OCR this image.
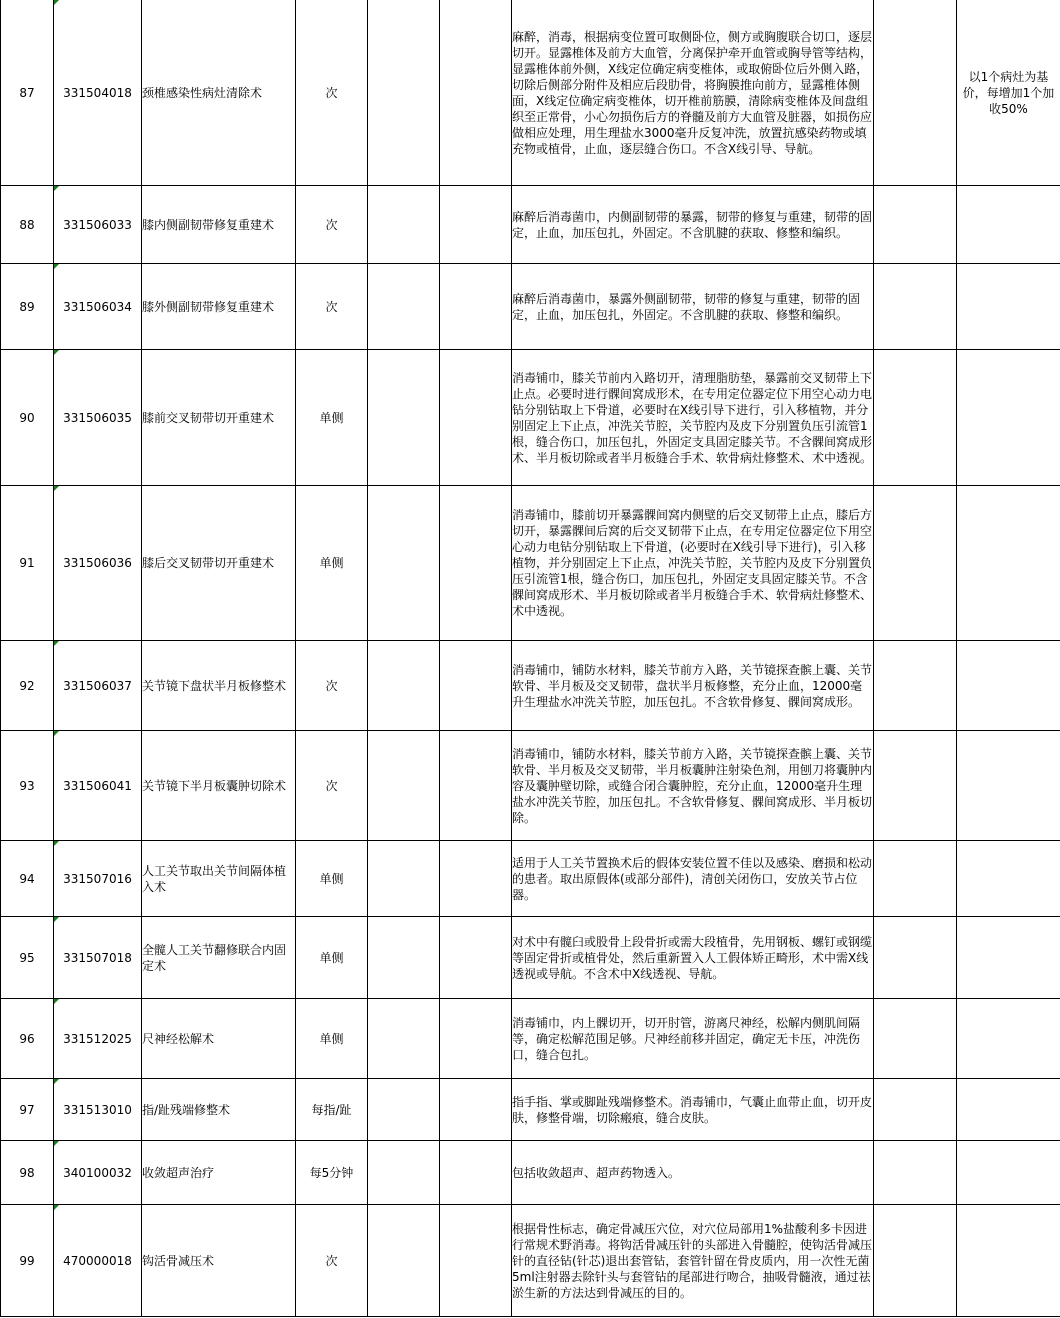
87	331504018	颈椎感染性病灶清除术	次			麻醉，消毒，根据病变位置可取侧卧位，侧方或胸腹联合切口，逐层切开。显露椎体及前方大血管，分离保护牵开血管或胸导管等结构，显露椎体前外侧，X线定位确定病变椎体，或取俯卧位后外侧入路，切除后侧部分附件及相应后段肋骨，将胸膜推向前方，显露椎体侧面，X线定位确定病变椎体，切开椎前筋膜，清除病变椎体及间盘组织至正常骨，小心勿损伤后方的脊髓及前方大血管及脏器，如损伤应做相应处理，用生理盐水3000毫升反复冲洗，放置抗感染药物或填充物或植骨，止血，逐层缝合伤口。不含X线引导、导航。		以1个病灶为基价，每增加1个加收50%
88	331506033	膝内侧副韧带修复重建术	次			麻醉后消毒菌巾，内侧副韧带的暴露，韧带的修复与重建，韧带的固定，止血，加压包扎，外固定。不含肌腱的获取、修整和编织。		
89	331506034	膝外侧副韧带修复重建术	次			麻醉后消毒菌巾，暴露外侧副韧带，韧带的修复与重建，韧带的固定，止血，加压包扎，外固定。不含肌腱的获取、修整和编织。		
90	331506035	膝前交叉韧带切开重建术	单侧			消毒铺巾，膝关节前内入路切开，清理脂肪垫，暴露前交叉韧带上下止点。必要时进行髁间窝成形术，在专用定位器定位下用空心动力电钻分别钻取上下骨道，必要时在X线引导下进行，引入移植物，并分别固定上下止点，冲洗关节腔，关节腔内及皮下分别置负压引流管1根，缝合伤口，加压包扎，外固定支具固定膝关节。不含髁间窝成形术、半月板切除或者半月板缝合手术、软骨病灶修整术、术中透视。		
91	331506036	膝后交叉韧带切开重建术	单侧			消毒铺巾，膝前切开暴露髁间窝内侧壁的后交叉韧带上止点，膝后方切开，暴露髁间后窝的后交叉韧带下止点，在专用定位器定位下用空心动力电钻分别钻取上下骨道，(必要时在X线引导下进行)，引入移植物，并分别固定上下止点，冲洗关节腔，关节腔内及皮下分别置负压引流管1根，缝合伤口，加压包扎，外固定支具固定膝关节。不含髁间窝成形术、半月板切除或者半月板缝合手术、软骨病灶修整术、术中透视。		
92	331506037	关节镜下盘状半月板修整术	次			消毒铺巾，铺防水材料，膝关节前方入路，关节镜探查髌上囊、关节软骨、半月板及交叉韧带，盘状半月板修整，充分止血，12000毫升生理盐水冲洗关节腔，加压包扎。不含软骨修复、髁间窝成形。		
93	331506041	关节镜下半月板囊肿切除术	次			消毒铺巾，铺防水材料，膝关节前方入路，关节镜探查髌上囊、关节软骨、半月板及交叉韧带，半月板囊肿注射染色剂，用刨刀将囊肿内容及囊肿壁切除，或缝合闭合囊肿腔，充分止血，12000毫升生理盐水冲洗关节腔，加压包扎。不含软骨修复、髁间窝成形、半月板切除。		
94	331507016	人工关节取出关节间隔体植入术	单侧			适用于人工关节置换术后的假体安装位置不佳以及感染、磨损和松动的患者。取出原假体(或部分部件)，清创关闭伤口，安放关节占位器。		
95	331507018	全髋人工关节翻修联合内固定术	单侧			对术中有髋臼或股骨上段骨折或需大段植骨，先用钢板、螺钉或钢缆等固定骨折或植骨处，然后重新置入人工假体矫正畸形，术中需X线透视或导航。不含术中X线透视、导航。		
96	331512025	尺神经松解术	单侧			消毒铺巾，内上髁切开，切开肘管，游离尺神经，松解内侧肌间隔等，确定松解范围足够。尺神经前移并固定，确定无卡压，冲洗伤口，缝合包扎。		
97	331513010	指/趾残端修整术	每指/趾			指手指、掌或脚趾残端修整术。消毒铺巾，气囊止血带止血，切开皮肤，修整骨端，切除瘢痕，缝合皮肤。		
98	340100032	收敛超声治疗	每5分钟			包括收敛超声、超声药物透入。		
99	470000018	钩活骨减压术	次			根据骨性标志，确定骨减压穴位，对穴位局部用1%盐酸利多卡因进行常规术野消毒。将钩活骨减压针的头部进入骨髓腔，使钩活骨减压针的直径钻(针芯)退出套管钻，套管针留在骨皮质内，用一次性无菌5ml注射器去除针头与套管钻的尾部进行吻合，抽吸骨髓液，通过祛淤生新的方法达到骨减压的目的。		
